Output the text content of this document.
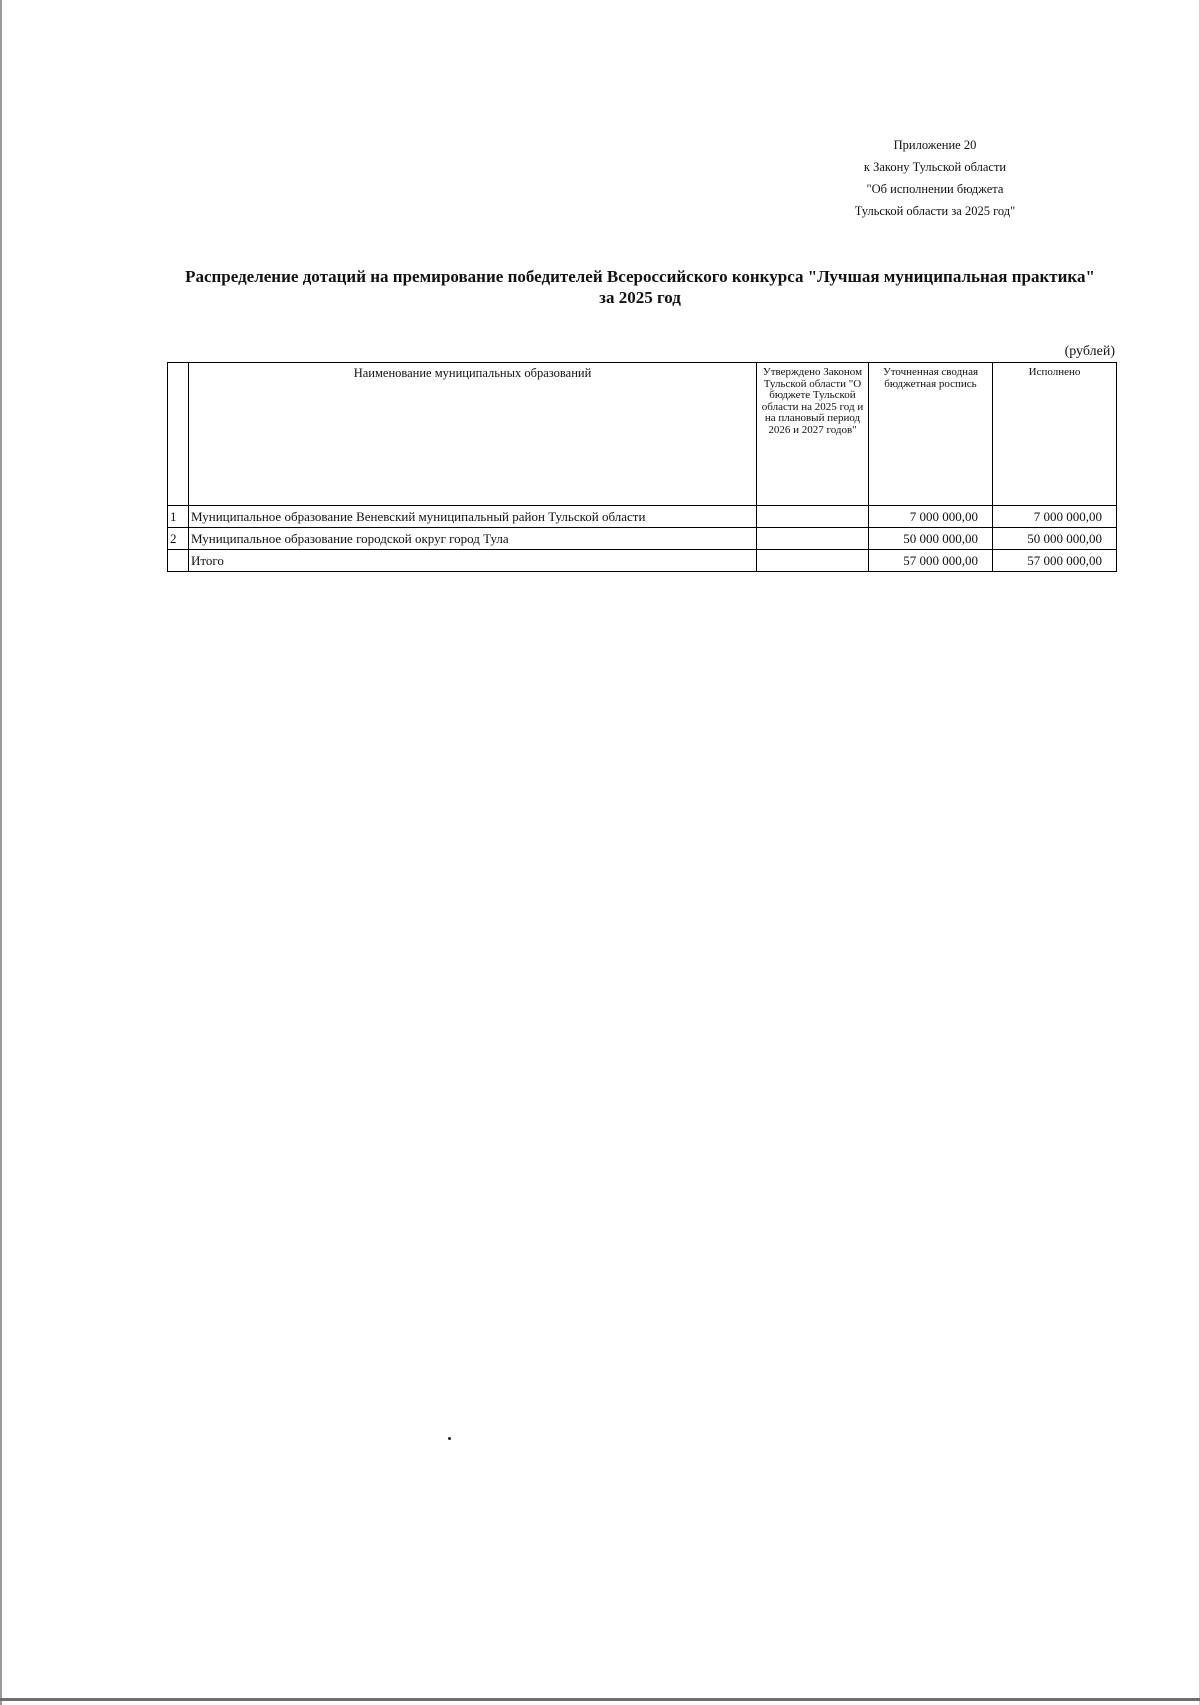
Приложение 20
к Закону Тульской области
"Об исполнении бюджета
Тульской области за 2025 год"
Распределение дотаций на премирование победителей Всероссийского конкурса "Лучшая муниципальная практика"
за 2025 год
(рублей)
	Наименование муниципальных образований	Утверждено Законом Тульской области "О бюджете Тульской области на 2025 год и на плановый период 2026 и 2027 годов"	Уточненная сводная бюджетная роспись	Исполнено
1	Муниципальное образование Веневский муниципальный район Тульской области		7 000 000,00	7 000 000,00
2	Муниципальное образование городской округ город Тула		50 000 000,00	50 000 000,00
	Итого		57 000 000,00	57 000 000,00
